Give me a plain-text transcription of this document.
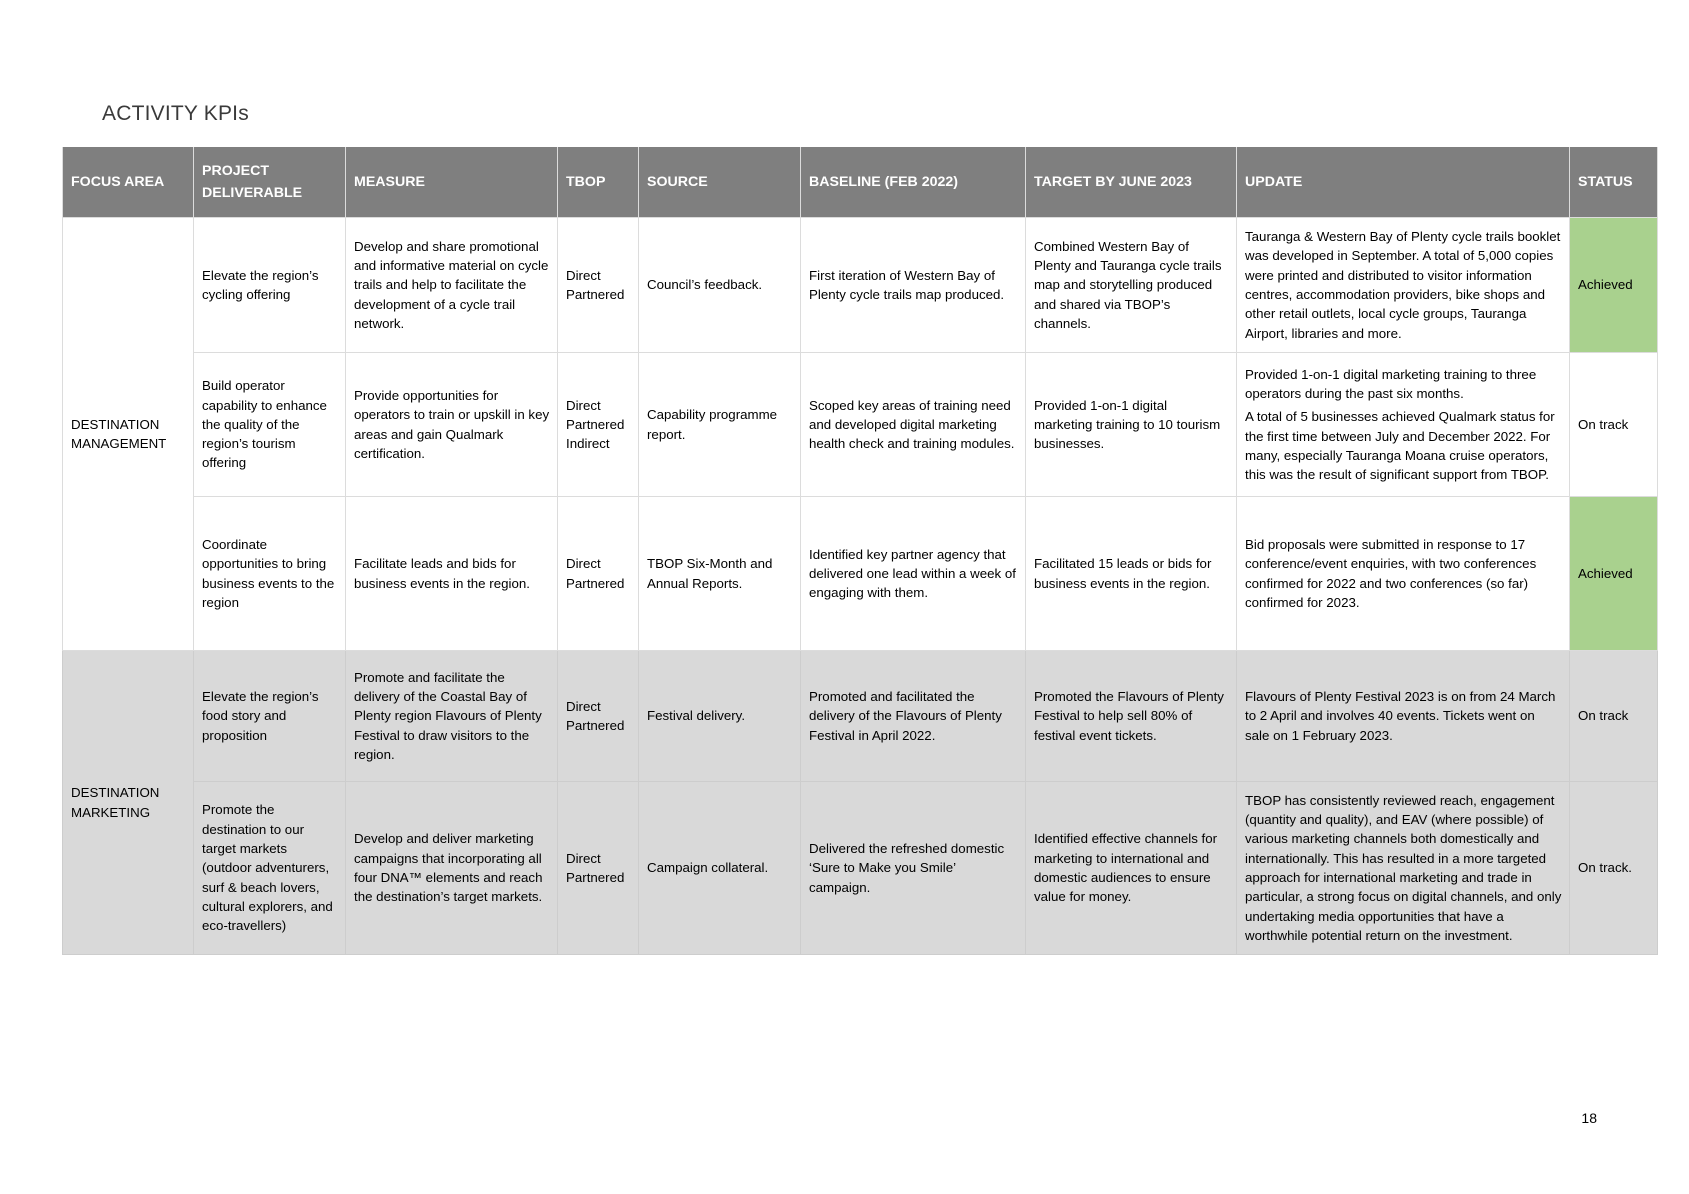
ACTIVITY KPIs
FOCUS AREA	PROJECT DELIVERABLE	MEASURE	TBOP	SOURCE	BASELINE (FEB 2022)	TARGET BY JUNE 2023	UPDATE	STATUS
DESTINATION MANAGEMENT	Elevate the region’s cycling offering	Develop and share promotional and informative material on cycle trails and help to facilitate the development of a cycle trail network.	Direct Partnered	Council’s feedback.	First iteration of Western Bay of Plenty cycle trails map produced.	Combined Western Bay of Plenty and Tauranga cycle trails map and storytelling produced and shared via TBOP’s channels.	Tauranga & Western Bay of Plenty cycle trails booklet was developed in September. A total of 5,000 copies were printed and distributed to visitor information centres, accommodation providers, bike shops and other retail outlets, local cycle groups, Tauranga Airport, libraries and more.	Achieved
	Build operator capability to enhance the quality of the region’s tourism offering	Provide opportunities for operators to train or upskill in key areas and gain Qualmark certification.	Direct Partnered Indirect	Capability programme report.	Scoped key areas of training need and developed digital marketing health check and training modules.	Provided 1-on-1 digital marketing training to 10 tourism businesses.	Provided 1-on-1 digital marketing training to three operators during the past six months.

A total of 5 businesses achieved Qualmark status for the first time between July and December 2022. For many, especially Tauranga Moana cruise operators, this was the result of significant support from TBOP.	On track
	Coordinate opportunities to bring business events to the region	Facilitate leads and bids for business events in the region.	Direct Partnered	TBOP Six-Month and Annual Reports.	Identified key partner agency that delivered one lead within a week of engaging with them.	Facilitated 15 leads or bids for business events in the region.	Bid proposals were submitted in response to 17 conference/event enquiries, with two conferences confirmed for 2022 and two conferences (so far) confirmed for 2023.	Achieved
DESTINATION MARKETING	Elevate the region’s food story and proposition	Promote and facilitate the delivery of the Coastal Bay of Plenty region Flavours of Plenty Festival to draw visitors to the region.	Direct Partnered	Festival delivery.	Promoted and facilitated the delivery of the Flavours of Plenty Festival in April 2022.	Promoted the Flavours of Plenty Festival to help sell 80% of festival event tickets.	Flavours of Plenty Festival 2023 is on from 24 March to 2 April and involves 40 events. Tickets went on sale on 1 February 2023.	On track
	Promote the destination to our target markets (outdoor adventurers, surf & beach lovers, cultural explorers, and eco-travellers)	Develop and deliver marketing campaigns that incorporating all four DNA™ elements and reach the destination’s target markets.	Direct Partnered	Campaign collateral.	Delivered the refreshed domestic ‘Sure to Make you Smile’ campaign.	Identified effective channels for marketing to international and domestic audiences to ensure value for money.	TBOP has consistently reviewed reach, engagement (quantity and quality), and EAV (where possible) of various marketing channels both domestically and internationally. This has resulted in a more targeted approach for international marketing and trade in particular, a strong focus on digital channels, and only undertaking media opportunities that have a worthwhile potential return on the investment.	On track.
18
